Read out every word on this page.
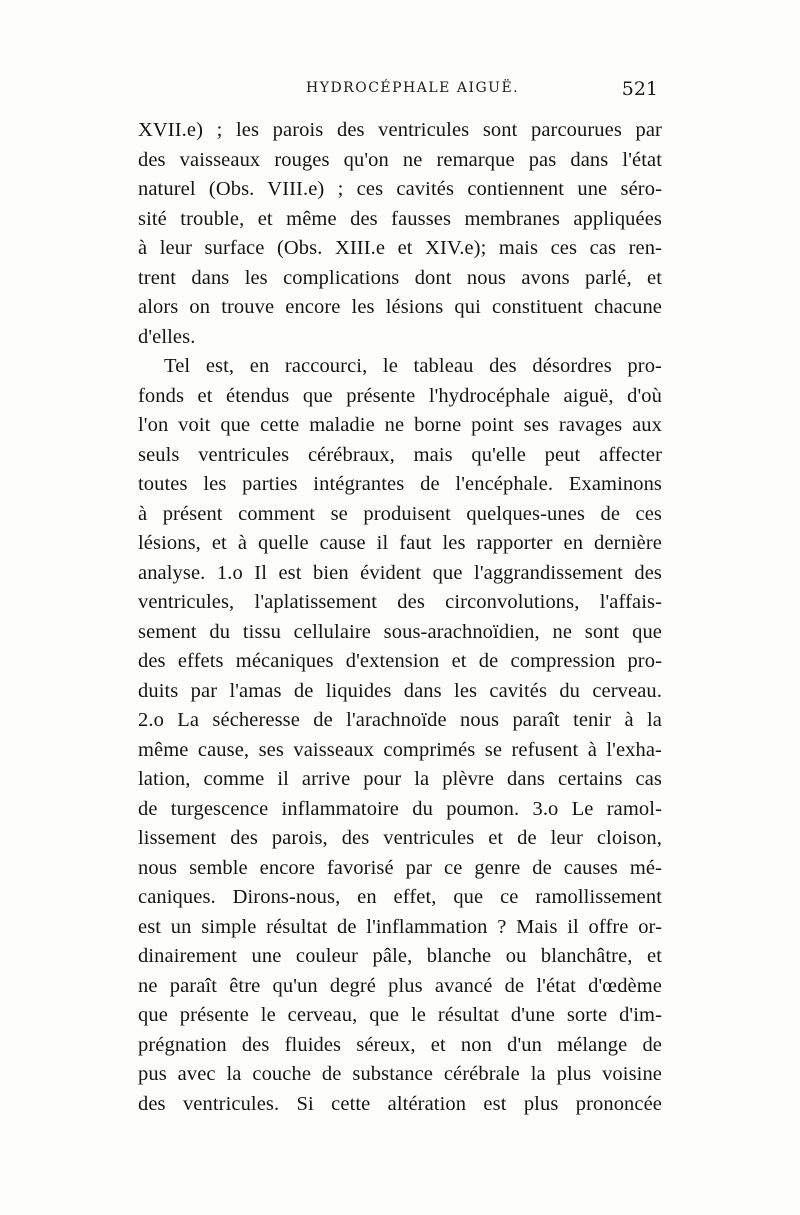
HYDROCÉPHALE AIGUË.	521
XVII.e) ; les parois des ventricules sont parcourues par
des vaisseaux rouges qu'on ne remarque pas dans l'état
naturel (Obs. VIII.e) ; ces cavités contiennent une séro-
sité trouble, et même des fausses membranes appliquées
à leur surface (Obs. XIII.e et XIV.e); mais ces cas ren-
trent dans les complications dont nous avons parlé, et
alors on trouve encore les lésions qui constituent chacune
d'elles.
Tel est, en raccourci, le tableau des désordres pro-
fonds et étendus que présente l'hydrocéphale aiguë, d'où
l'on voit que cette maladie ne borne point ses ravages aux
seuls ventricules cérébraux, mais qu'elle peut affecter
toutes les parties intégrantes de l'encéphale. Examinons
à présent comment se produisent quelques-unes de ces
lésions, et à quelle cause il faut les rapporter en dernière
analyse. 1.o Il est bien évident que l'aggrandissement des
ventricules, l'aplatissement des circonvolutions, l'affais-
sement du tissu cellulaire sous-arachnoïdien, ne sont que
des effets mécaniques d'extension et de compression pro-
duits par l'amas de liquides dans les cavités du cerveau.
2.o La sécheresse de l'arachnoïde nous paraît tenir à la
même cause, ses vaisseaux comprimés se refusent à l'exha-
lation, comme il arrive pour la plèvre dans certains cas
de turgescence inflammatoire du poumon. 3.o Le ramol-
lissement des parois, des ventricules et de leur cloison,
nous semble encore favorisé par ce genre de causes mé-
caniques. Dirons-nous, en effet, que ce ramollissement
est un simple résultat de l'inflammation ? Mais il offre or-
dinairement une couleur pâle, blanche ou blanchâtre, et
ne paraît être qu'un degré plus avancé de l'état d'œdème
que présente le cerveau, que le résultat d'une sorte d'im-
prégnation des fluides séreux, et non d'un mélange de
pus avec la couche de substance cérébrale la plus voisine
des ventricules. Si cette altération est plus prononcée
